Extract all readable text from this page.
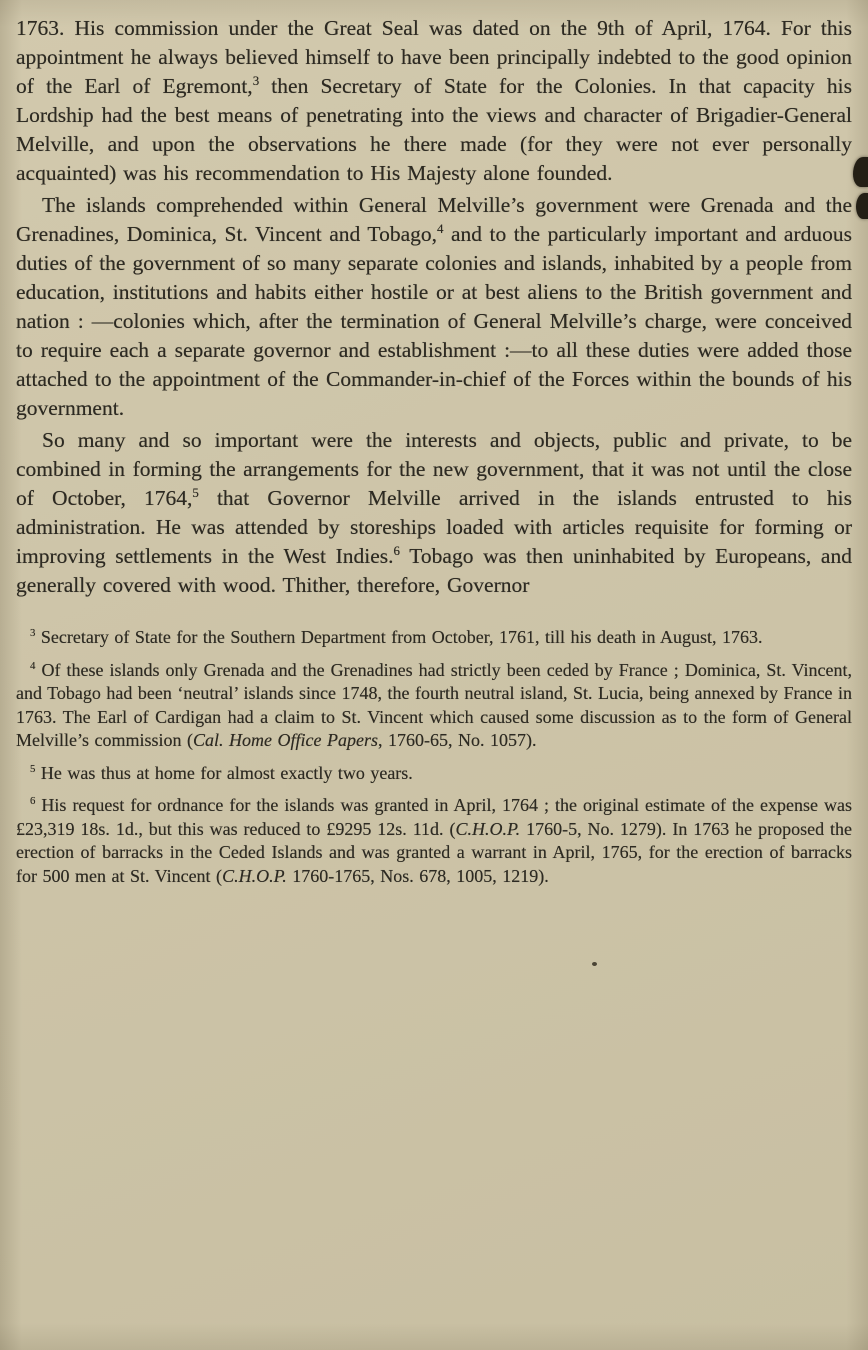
1763. His commission under the Great Seal was dated on the 9th of April, 1764. For this appointment he always believed himself to have been principally indebted to the good opinion of the Earl of Egremont,$^3$ then Secretary of State for the Colonies. In that capacity his Lordship had the best means of penetrating into the views and character of Brigadier-General Melville, and upon the observations he there made (for they were not ever personally acquainted) was his recommendation to His Majesty alone founded.

The islands comprehended within General Melville’s government were Grenada and the Grenadines, Dominica, St. Vincent and Tobago,$^4$ and to the particularly important and arduous duties of the government of so many separate colonies and islands, inhabited by a people from education, institutions and habits either hostile or at best aliens to the British government and nation : —colonies which, after the termination of General Melville’s charge, were conceived to require each a separate governor and establishment :—to all these duties were added those attached to the appointment of the Commander-in-chief of the Forces within the bounds of his government.

So many and so important were the interests and objects, public and private, to be combined in forming the arrangements for the new government, that it was not until the close of October, 1764,$^5$ that Governor Melville arrived in the islands entrusted to his administration. He was attended by storeships loaded with articles requisite for forming or improving settlements in the West Indies.$^6$ Tobago was then uninhabited by Europeans, and generally covered with wood. Thither, therefore, Governor

$^3$ Secretary of State for the Southern Department from October, 1761, till his death in August, 1763.

$^4$ Of these islands only Grenada and the Grenadines had strictly been ceded by France ; Dominica, St. Vincent, and Tobago had been ‘neutral’ islands since 1748, the fourth neutral island, St. Lucia, being annexed by France in 1763. The Earl of Cardigan had a claim to St. Vincent which caused some discussion as to the form of General Melville’s commission (Cal. Home Office Papers, 1760-65, No. 1057).

$^5$ He was thus at home for almost exactly two years.

$^6$ His request for ordnance for the islands was granted in April, 1764 ; the original estimate of the expense was £23,319 18s. 1d., but this was reduced to £9295 12s. 11d. (C.H.O.P. 1760-5, No. 1279). In 1763 he proposed the erection of barracks in the Ceded Islands and was granted a warrant in April, 1765, for the erection of barracks for 500 men at St. Vincent (C.H.O.P. 1760-1765, Nos. 678, 1005, 1219).
